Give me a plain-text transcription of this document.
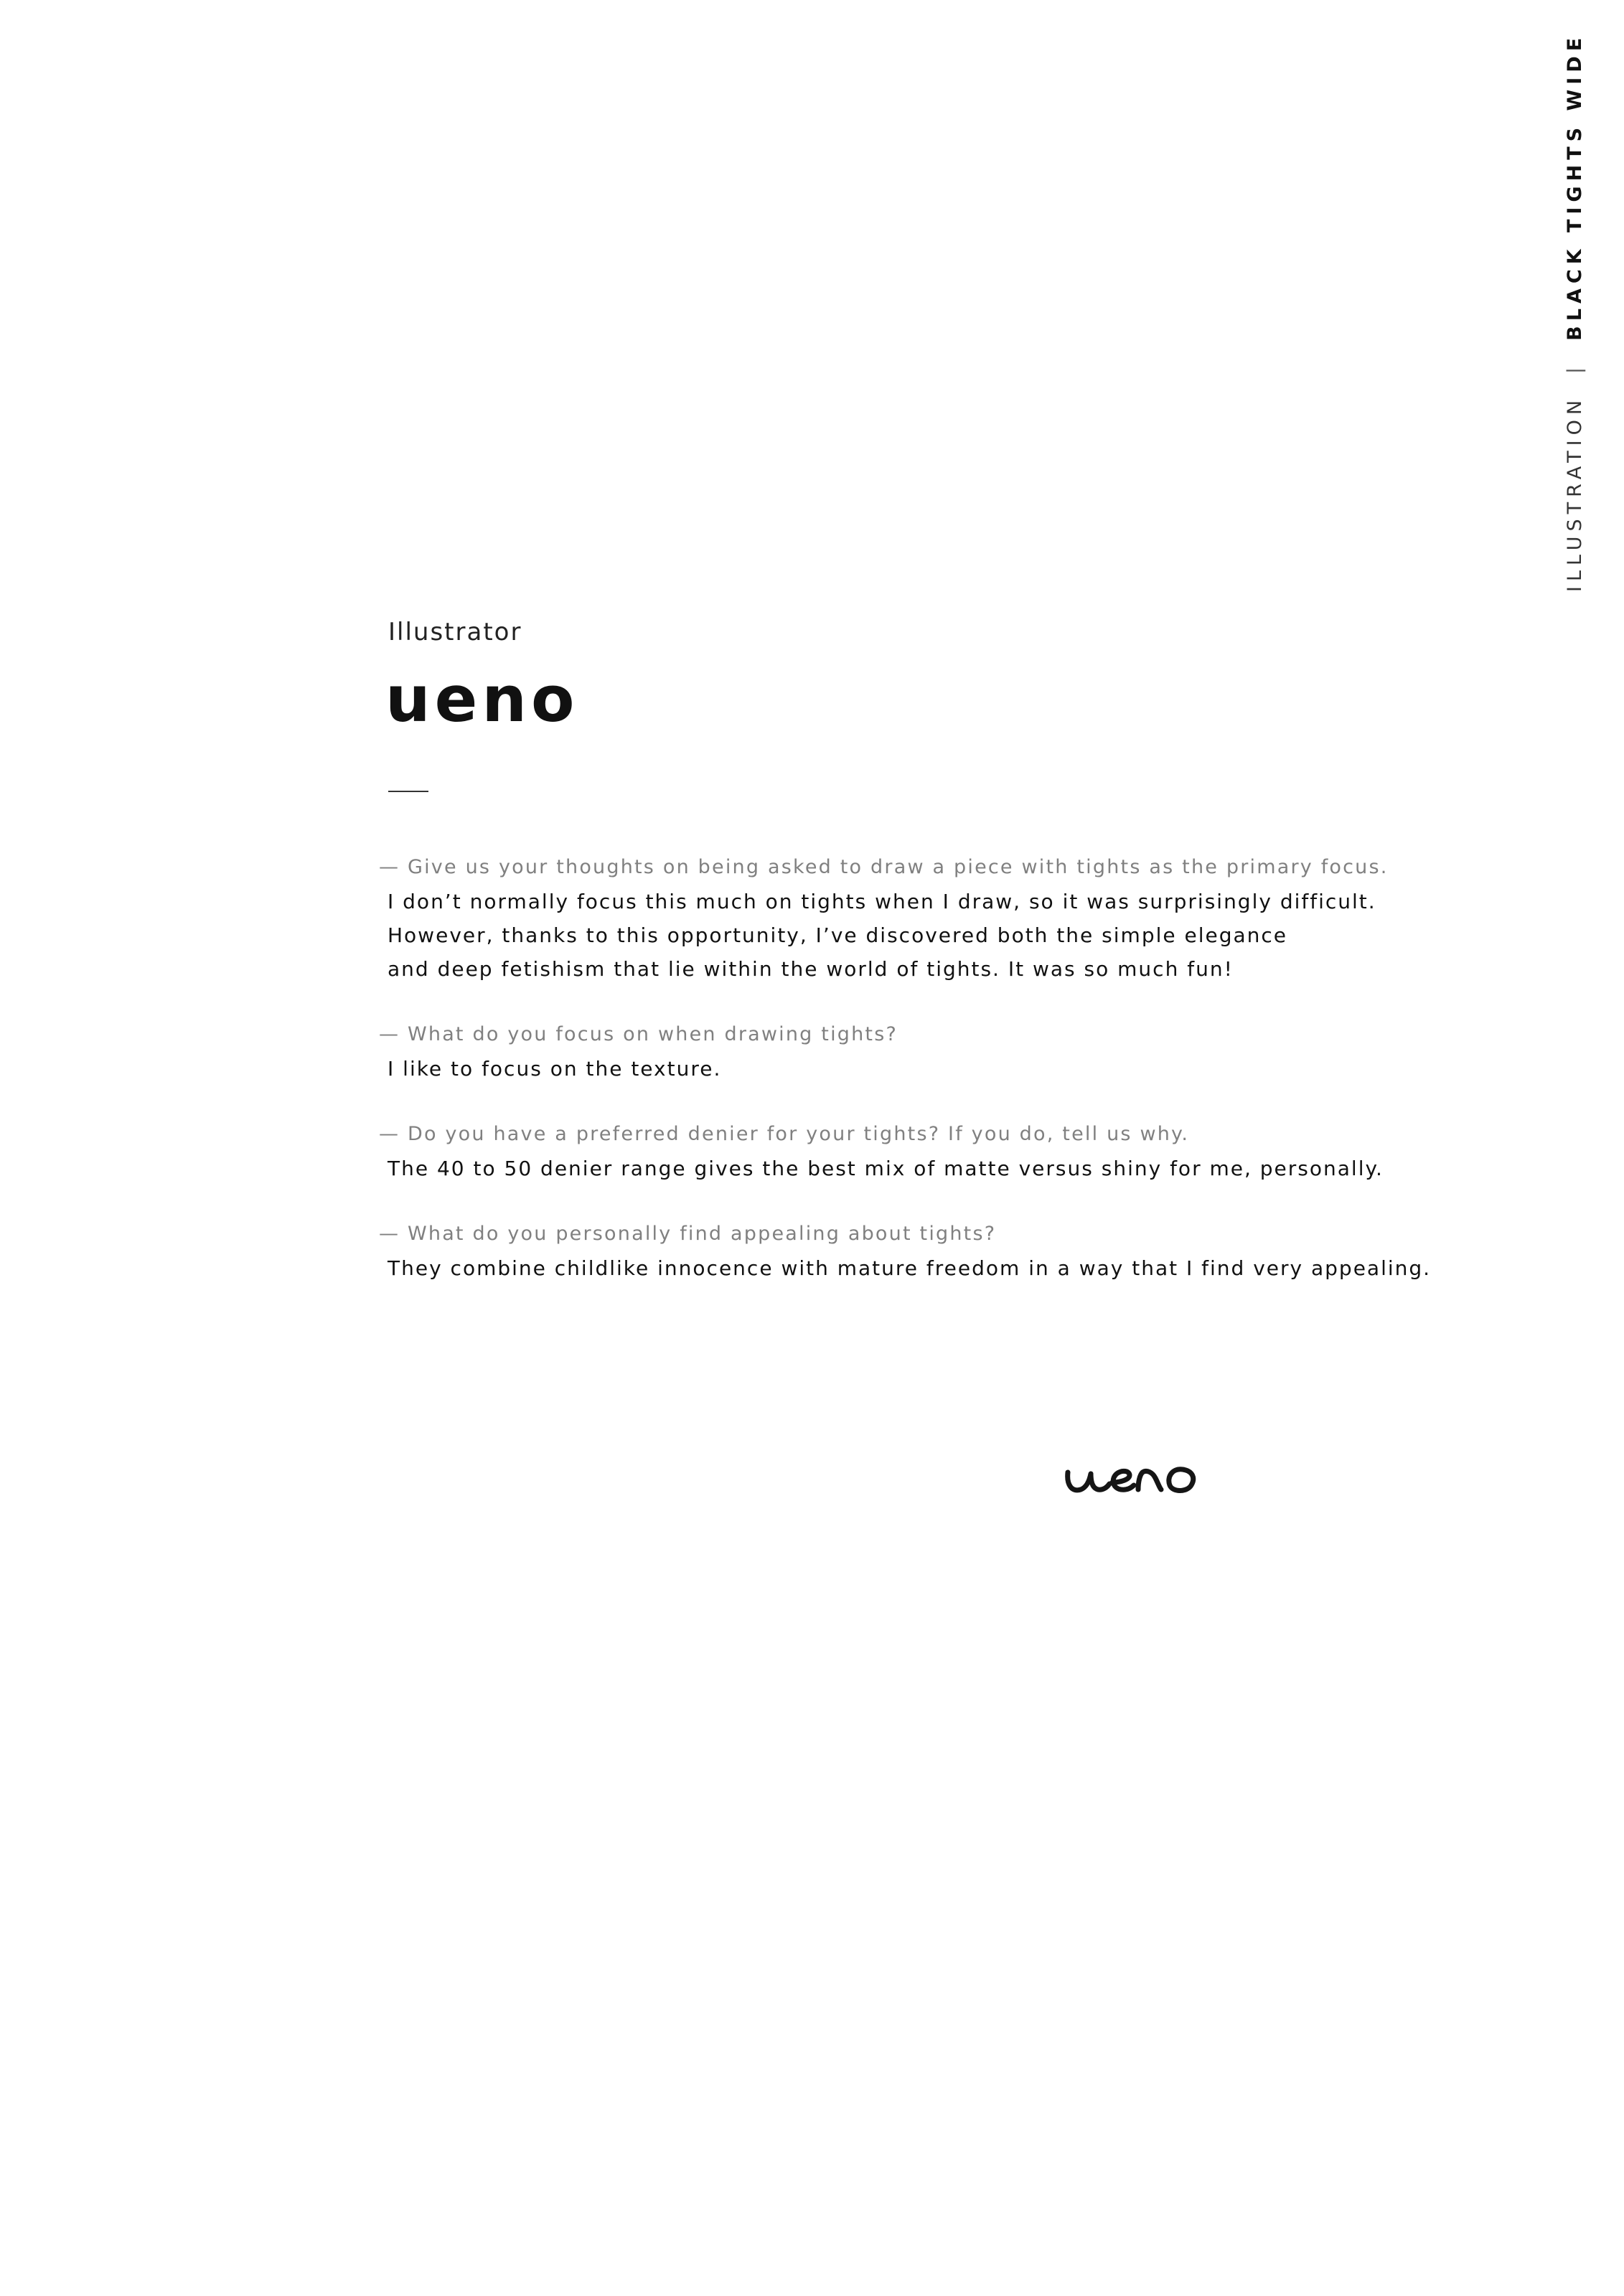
ILLUSTRATION|BLACK TIGHTS WIDE
Illustrator
ueno
— Give us your thoughts on being asked to draw a piece with tights as the primary focus.
I don’t normally focus this much on tights when I draw, so it was surprisingly difficult.
However, thanks to this opportunity, I’ve discovered both the simple elegance
and deep fetishism that lie within the world of tights. It was so much fun!
— What do you focus on when drawing tights?
I like to focus on the texture.
— Do you have a preferred denier for your tights? If you do, tell us why.
The 40 to 50 denier range gives the best mix of matte versus shiny for me, personally.
— What do you personally find appealing about tights?
They combine childlike innocence with mature freedom in a way that I find very appealing.
